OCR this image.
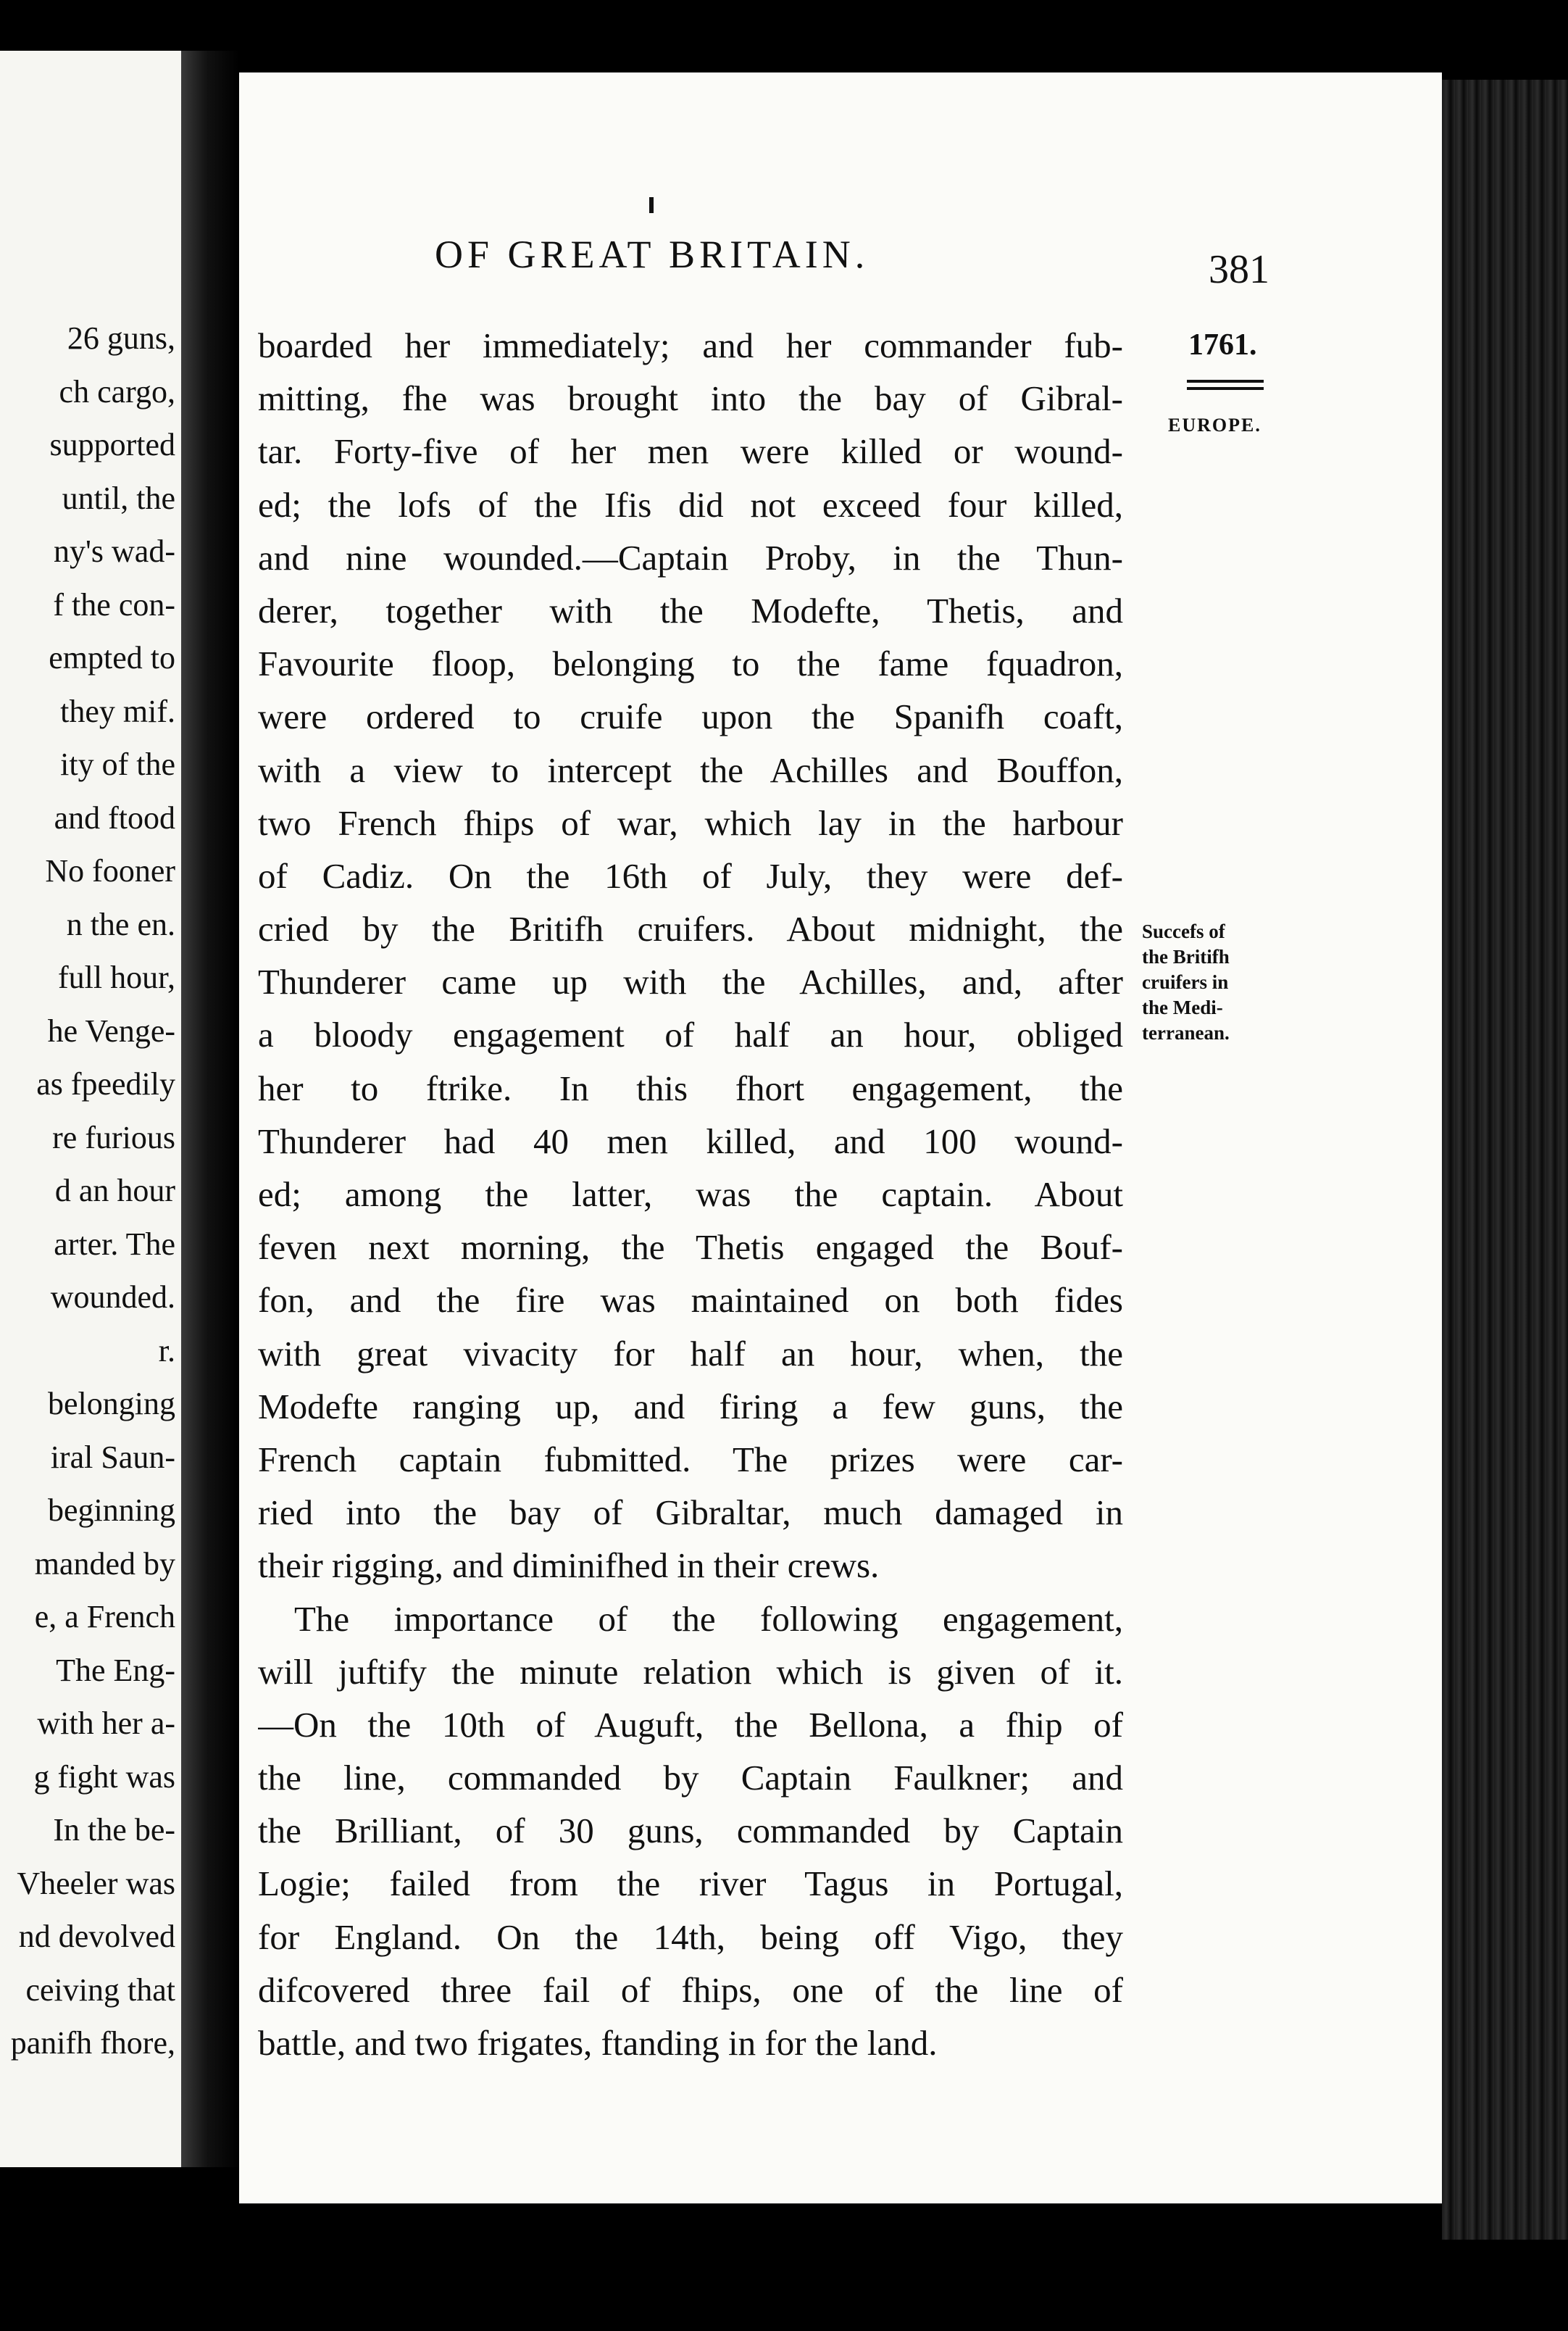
26 guns,
ch cargo,
supported
until, the
ny's wad-
f the con-
empted to
they mif.
ity of the
and ftood
No fooner
n the en.
full hour,
he Venge-
as fpeedily
re furious
d an hour
arter. The
wounded.
r.
belonging
iral Saun-
beginning
manded by
e, a French
The Eng-
with her a-
g fight was
In the be-
Vheeler was
nd devolved
ceiving that
panifh fhore,
OF GREAT BRITAIN.	381
1761.
EUROPE.
Succefs of
the Britifh
cruifers in
the Medi-
terranean.
boarded her immediately; and her commander fub-
mitting, fhe was brought into the bay of Gibral-
tar. Forty-five of her men were killed or wound-
ed; the lofs of the Ifis did not exceed four killed,
and nine wounded.—Captain Proby, in the Thun-
derer, together with the Modefte, Thetis, and
Favourite floop, belonging to the fame fquadron,
were ordered to cruife upon the Spanifh coaft,
with a view to intercept the Achilles and Bouffon,
two French fhips of war, which lay in the harbour
of Cadiz. On the 16th of July, they were def-
cried by the Britifh cruifers. About midnight, the
Thunderer came up with the Achilles, and, after
a bloody engagement of half an hour, obliged
her to ftrike. In this fhort engagement, the
Thunderer had 40 men killed, and 100 wound-
ed; among the latter, was the captain. About
feven next morning, the Thetis engaged the Bouf-
fon, and the fire was maintained on both fides
with great vivacity for half an hour, when, the
Modefte ranging up, and firing a few guns, the
French captain fubmitted. The prizes were car-
ried into the bay of Gibraltar, much damaged in
their rigging, and diminifhed in their crews.
The importance of the following engagement,
will juftify the minute relation which is given of it.
—On the 10th of Auguft, the Bellona, a fhip of
the line, commanded by Captain Faulkner; and
the Brilliant, of 30 guns, commanded by Captain
Logie; failed from the river Tagus in Portugal,
for England. On the 14th, being off Vigo, they
difcovered three fail of fhips, one of the line of
battle, and two frigates, ftanding in for the land.
